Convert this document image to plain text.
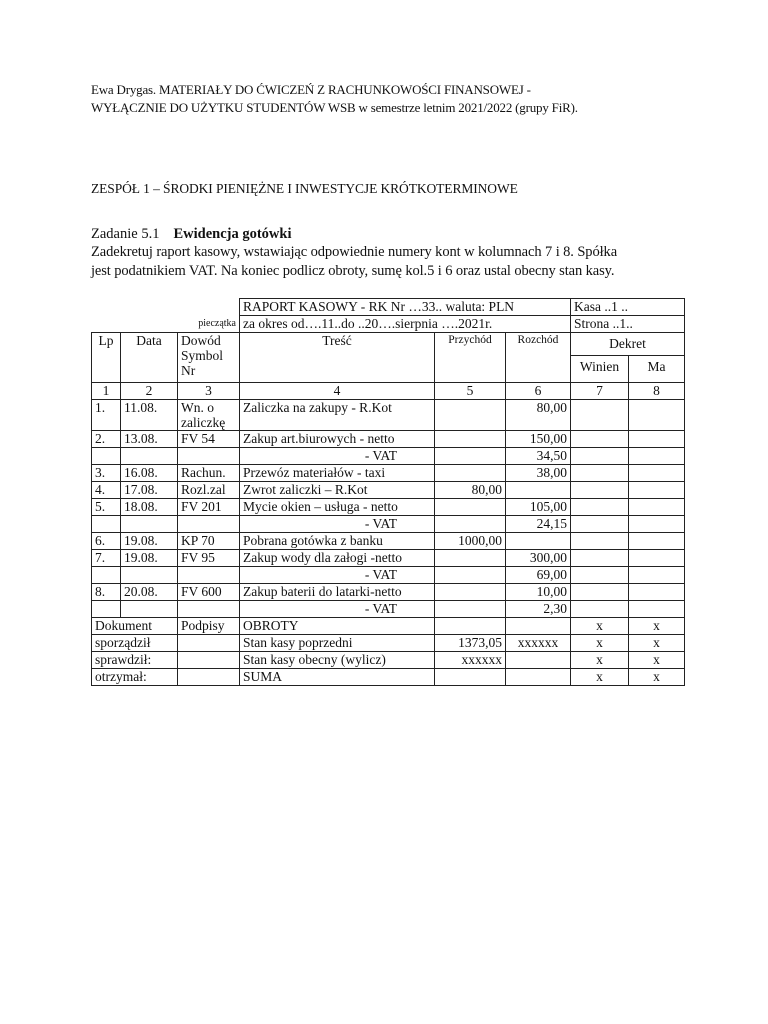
Ewa Drygas. MATERIAŁY DO ĆWICZEŃ Z RACHUNKOWOŚCI FINANSOWEJ -
WYŁĄCZNIE DO UŻYTKU STUDENTÓW WSB w semestrze letnim 2021/2022 (grupy FiR).
ZESPÓŁ 1 – ŚRODKI PIENIĘŻNE I INWESTYCJE KRÓTKOTERMINOWE
Zadanie 5.1 Ewidencja gotówki
Zadekretuj raport kasowy, wstawiając odpowiednie numery kont w kolumnach 7 i 8. Spółka
jest podatnikiem VAT. Na koniec podlicz obroty, sumę kol.5 i 6 oraz ustal obecny stan kasy.
pieczątka			RAPORT KASOWY - RK Nr …33.. waluta: PLN			Kasa ..1 ..	
			za okres od….11..do ..20….sierpnia ….2021r.			Strona ..1..	
Lp	Data	Dowód Symbol Nr	Treść	Przychód	Rozchód	Dekret	
						Winien	Ma
1	2	3	4	5	6	7	8
1.	11.08.	Wn. o zaliczkę	Zaliczka na zakupy - R.Kot		80,00		
2.	13.08.	FV 54	Zakup art.biurowych - netto		150,00		
			- VAT		34,50		
3.	16.08.	Rachun.	Przewóz materiałów - taxi		38,00		
4.	17.08.	Rozl.zal	Zwrot zaliczki – R.Kot	80,00			
5.	18.08.	FV 201	Mycie okien – usługa - netto		105,00		
			- VAT		24,15		
6.	19.08.	KP 70	Pobrana gotówka z banku	1000,00			
7.	19.08.	FV 95	Zakup wody dla załogi -netto		300,00		
			- VAT		69,00		
8.	20.08.	FV 600	Zakup baterii do latarki-netto		10,00		
			- VAT		2,30		
Dokument		Podpisy	OBROTY			x	x
sporządził			Stan kasy poprzedni	1373,05	xxxxxx	x	x
sprawdził:			Stan kasy obecny (wylicz)	xxxxxx		x	x
otrzymał:			SUMA			x	x
